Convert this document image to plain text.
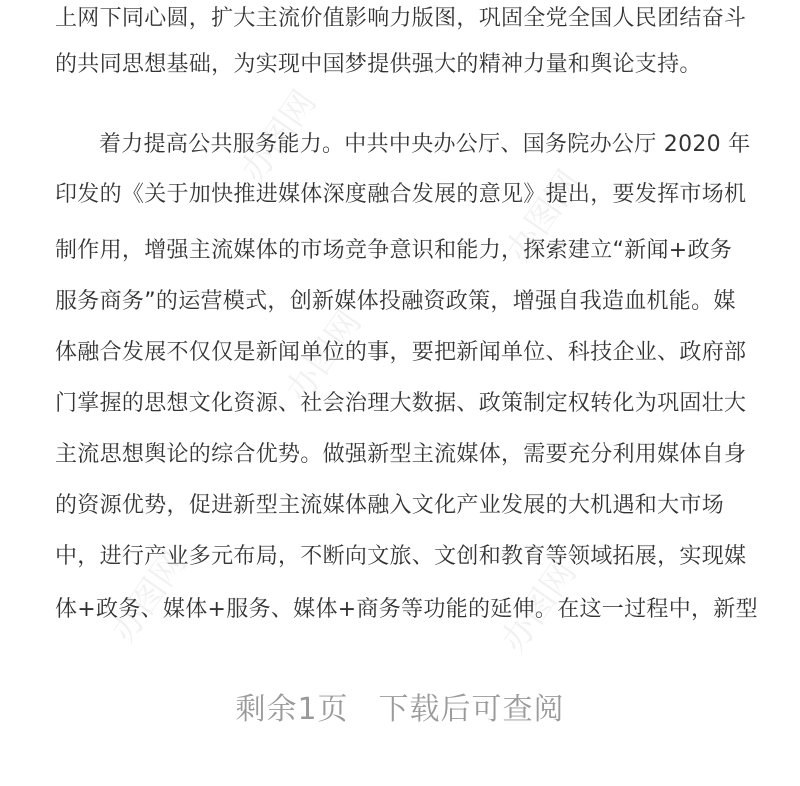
办图网
办图网
办图网
办图网	办图网
上网下同心圆，扩大主流价值影响力版图，巩固全党全国人民团结奋斗
的共同思想基础，为实现中国梦提供强大的精神力量和舆论支持。
着力提高公共服务能力。中共中央办公厅、国务院办公厅 2020 年
印发的《关于加快推进媒体深度融合发展的意见》提出，要发挥市场机
制作用，增强主流媒体的市场竞争意识和能力，探索建立“新闻+政务
服务商务”的运营模式，创新媒体投融资政策，增强自我造血机能。媒
体融合发展不仅仅是新闻单位的事，要把新闻单位、科技企业、政府部
门掌握的思想文化资源、社会治理大数据、政策制定权转化为巩固壮大
主流思想舆论的综合优势。做强新型主流媒体，需要充分利用媒体自身
的资源优势，促进新型主流媒体融入文化产业发展的大机遇和大市场
中，进行产业多元布局，不断向文旅、文创和教育等领域拓展，实现媒
体+政务、媒体+服务、媒体+商务等功能的延伸。在这一过程中，新型
剩余1页 下载后可查阅
